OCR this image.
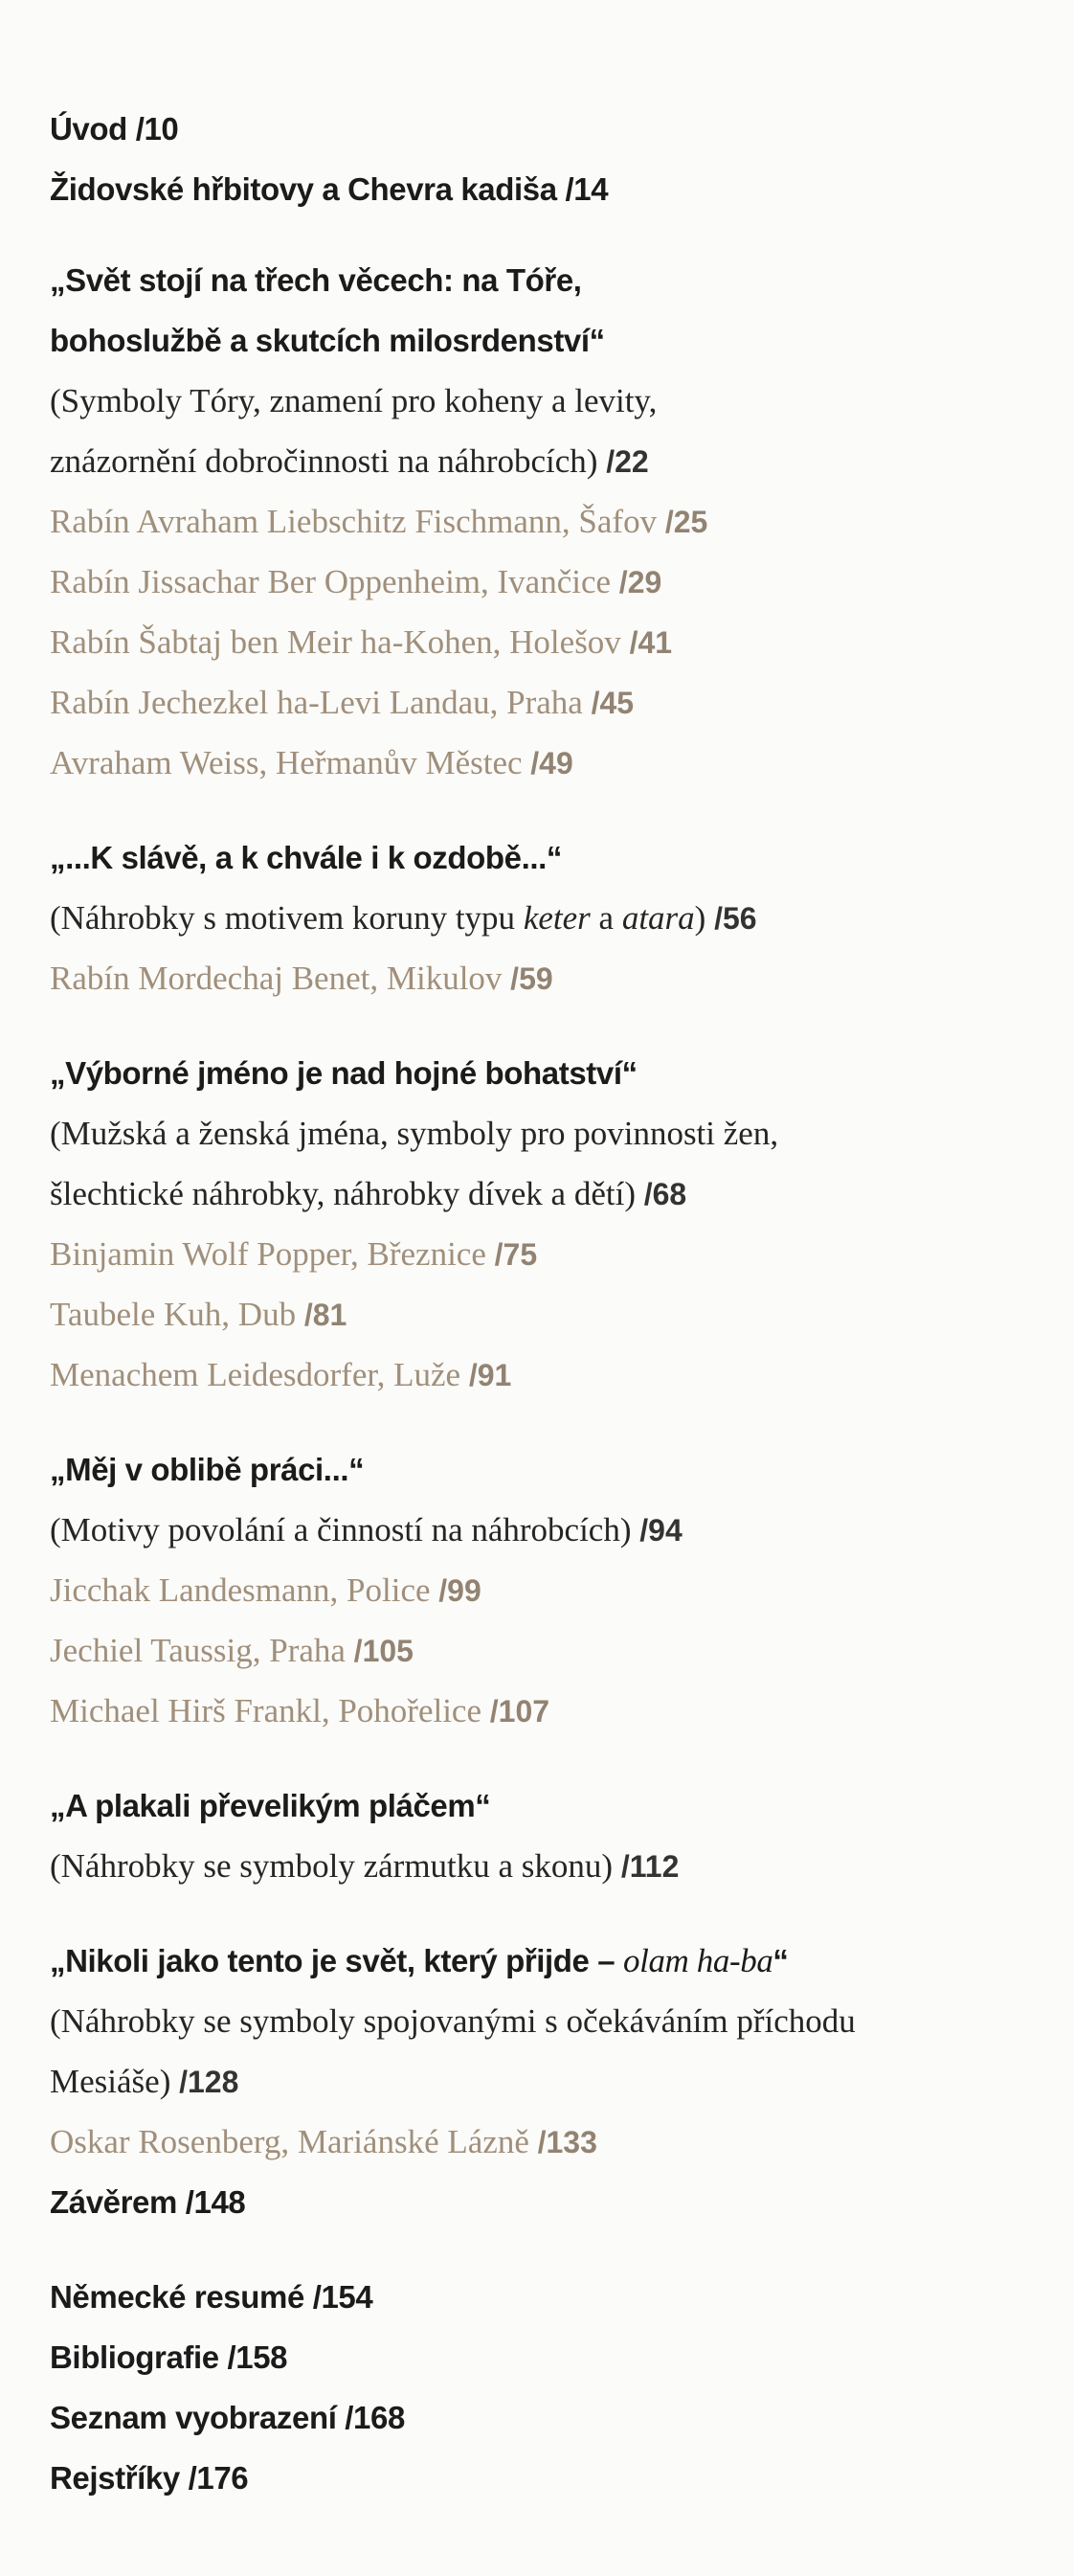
Úvod /10
Židovské hřbitovy a Chevra kadiša /14
„Svět stojí na třech věcech: na Tóře,
bohoslužbě a skutcích milosrdenství“
(Symboly Tóry, znamení pro koheny a levity,
znázornění dobročinnosti na náhrobcích) /22
Rabín Avraham Liebschitz Fischmann, Šafov /25
Rabín Jissachar Ber Oppenheim, Ivančice /29
Rabín Šabtaj ben Meir ha-Kohen, Holešov /41
Rabín Jechezkel ha-Levi Landau, Praha /45
Avraham Weiss, Heřmanův Městec /49
„...K slávě, a k chvále i k ozdobě...“
(Náhrobky s motivem koruny typu keter a atara) /56
Rabín Mordechaj Benet, Mikulov /59
„Výborné jméno je nad hojné bohatství“
(Mužská a ženská jména, symboly pro povinnosti žen,
šlechtické náhrobky, náhrobky dívek a dětí) /68
Binjamin Wolf Popper, Březnice /75
Taubele Kuh, Dub /81
Menachem Leidesdorfer, Luže /91
„Měj v oblibě práci...“
(Motivy povolání a činností na náhrobcích) /94
Jicchak Landesmann, Police /99
Jechiel Taussig, Praha /105
Michael Hirš Frankl, Pohořelice /107
„A plakali převelikým pláčem“
(Náhrobky se symboly zármutku a skonu) /112
„Nikoli jako tento je svět, který přijde – olam ha-ba“
(Náhrobky se symboly spojovanými s očekáváním příchodu
Mesiáše) /128
Oskar Rosenberg, Mariánské Lázně /133
Závěrem /148
Německé resumé /154
Bibliografie /158
Seznam vyobrazení /168
Rejstříky /176
